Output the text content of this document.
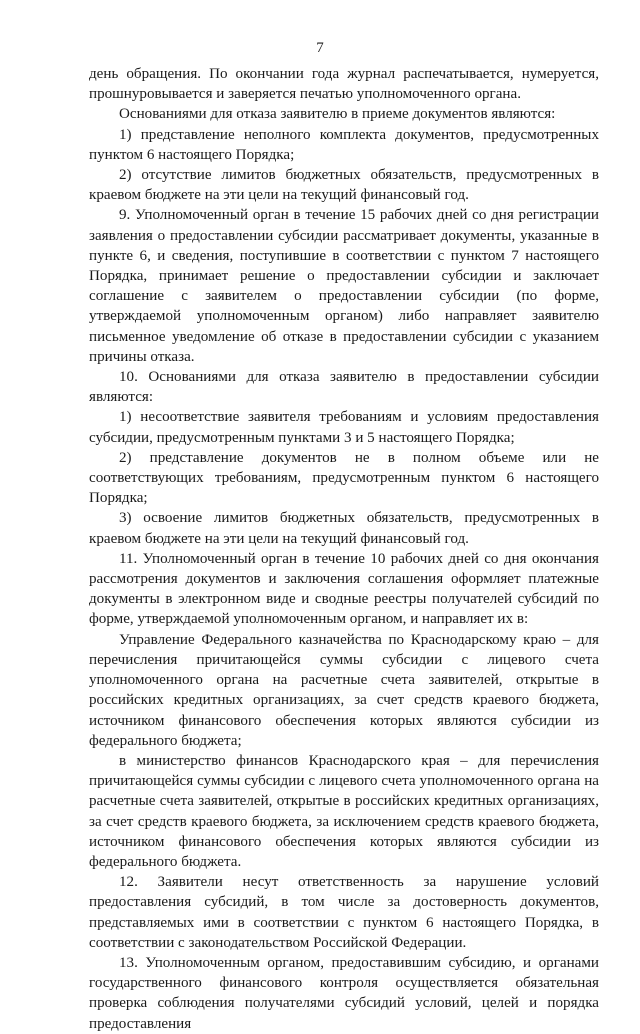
7

день обращения. По окончании года журнал распечатывается, нумеруется, прошнуровывается и заверяется печатью уполномоченного органа.

Основаниями для отказа заявителю в приеме документов являются:

1) представление неполного комплекта документов, предусмотренных пунктом 6 настоящего Порядка;

2) отсутствие лимитов бюджетных обязательств, предусмотренных в краевом бюджете на эти цели на текущий финансовый год.

9. Уполномоченный орган в течение 15 рабочих дней со дня регистрации заявления о предоставлении субсидии рассматривает документы, указанные в пункте 6, и сведения, поступившие в соответствии с пунктом 7 настоящего Порядка, принимает решение о предоставлении субсидии и заключает соглашение с заявителем о предоставлении субсидии (по форме, утверждаемой уполномоченным органом) либо направляет заявителю письменное уведомление об отказе в предоставлении субсидии с указанием причины отказа.

10. Основаниями для отказа заявителю в предоставлении субсидии являются:

1) несоответствие заявителя требованиям и условиям предоставления субсидии, предусмотренным пунктами 3 и 5 настоящего Порядка;

2) представление документов не в полном объеме или не соответствующих требованиям, предусмотренным пунктом 6 настоящего Порядка;

3) освоение лимитов бюджетных обязательств, предусмотренных в краевом бюджете на эти цели на текущий финансовый год.

11. Уполномоченный орган в течение 10 рабочих дней со дня окончания рассмотрения документов и заключения соглашения оформляет платежные документы в электронном виде и сводные реестры получателей субсидий по форме, утверждаемой уполномоченным органом, и направляет их в:

Управление Федерального казначейства по Краснодарскому краю – для перечисления причитающейся суммы субсидии с лицевого счета уполномоченного органа на расчетные счета заявителей, открытые в российских кредитных организациях, за счет средств краевого бюджета, источником финансового обеспечения которых являются субсидии из федерального бюджета;

в министерство финансов Краснодарского края – для перечисления причитающейся суммы субсидии с лицевого счета уполномоченного органа на расчетные счета заявителей, открытые в российских кредитных организациях, за счет средств краевого бюджета, за исключением средств краевого бюджета, источником финансового обеспечения которых являются субсидии из федерального бюджета.

12. Заявители несут ответственность за нарушение условий предоставления субсидий, в том числе за достоверность документов, представляемых ими в соответствии с пунктом 6 настоящего Порядка, в соответствии с законодательством Российской Федерации.

13. Уполномоченным органом, предоставившим субсидию, и органами государственного финансового контроля осуществляется обязательная проверка соблюдения получателями субсидий условий, целей и порядка предоставления
